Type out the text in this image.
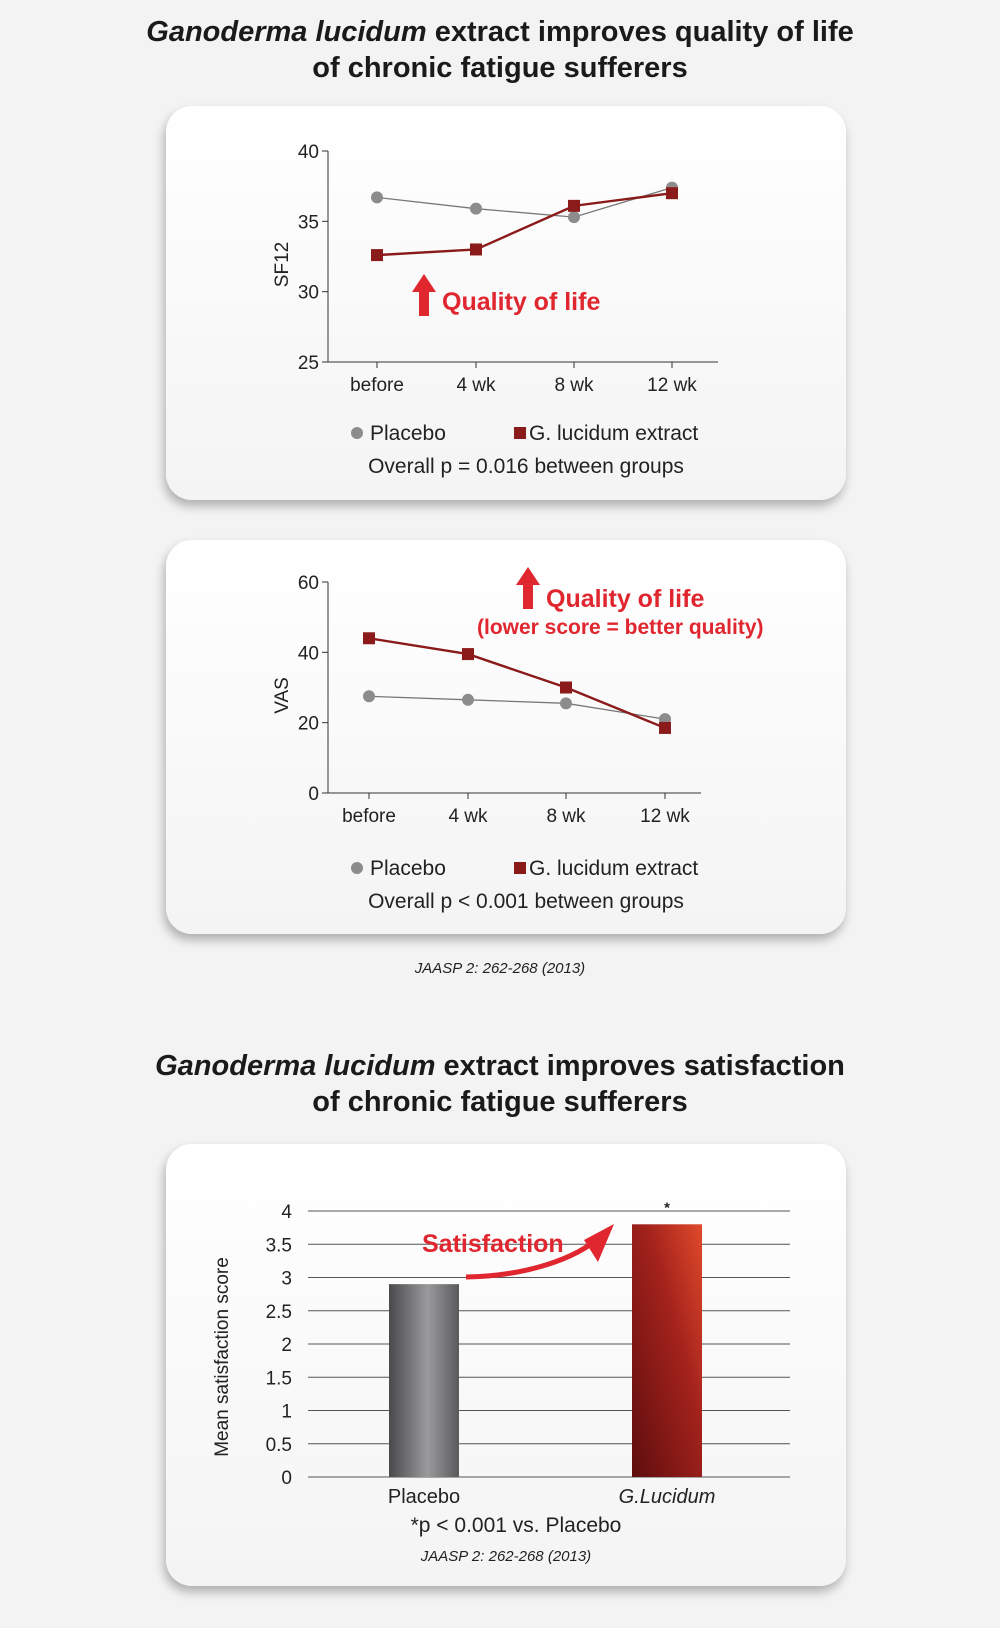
Ganoderma lucidum extract improves quality of life
of chronic fatigue sufferers
25
30
35
40
before	4 wk	8 wk	12 wk
SF12
Placebo	G. lucidum extract
Overall p = 0.016 between groups
Quality of life
0
20
40
60
before	4 wk	8 wk	12 wk
VAS
Placebo	G. lucidum extract
Overall p < 0.001 between groups
Quality of life
(lower score = better quality)
JAASP 2: 262-268 (2013)
Ganoderma lucidum extract improves satisfaction
of chronic fatigue sufferers
0
0.5
1
1.5
2
2.5
3
3.5
4
Mean satisfaction score
Placebo	G.Lucidum
*
Satisfaction
*p < 0.001 vs. Placebo
JAASP 2: 262-268 (2013)
